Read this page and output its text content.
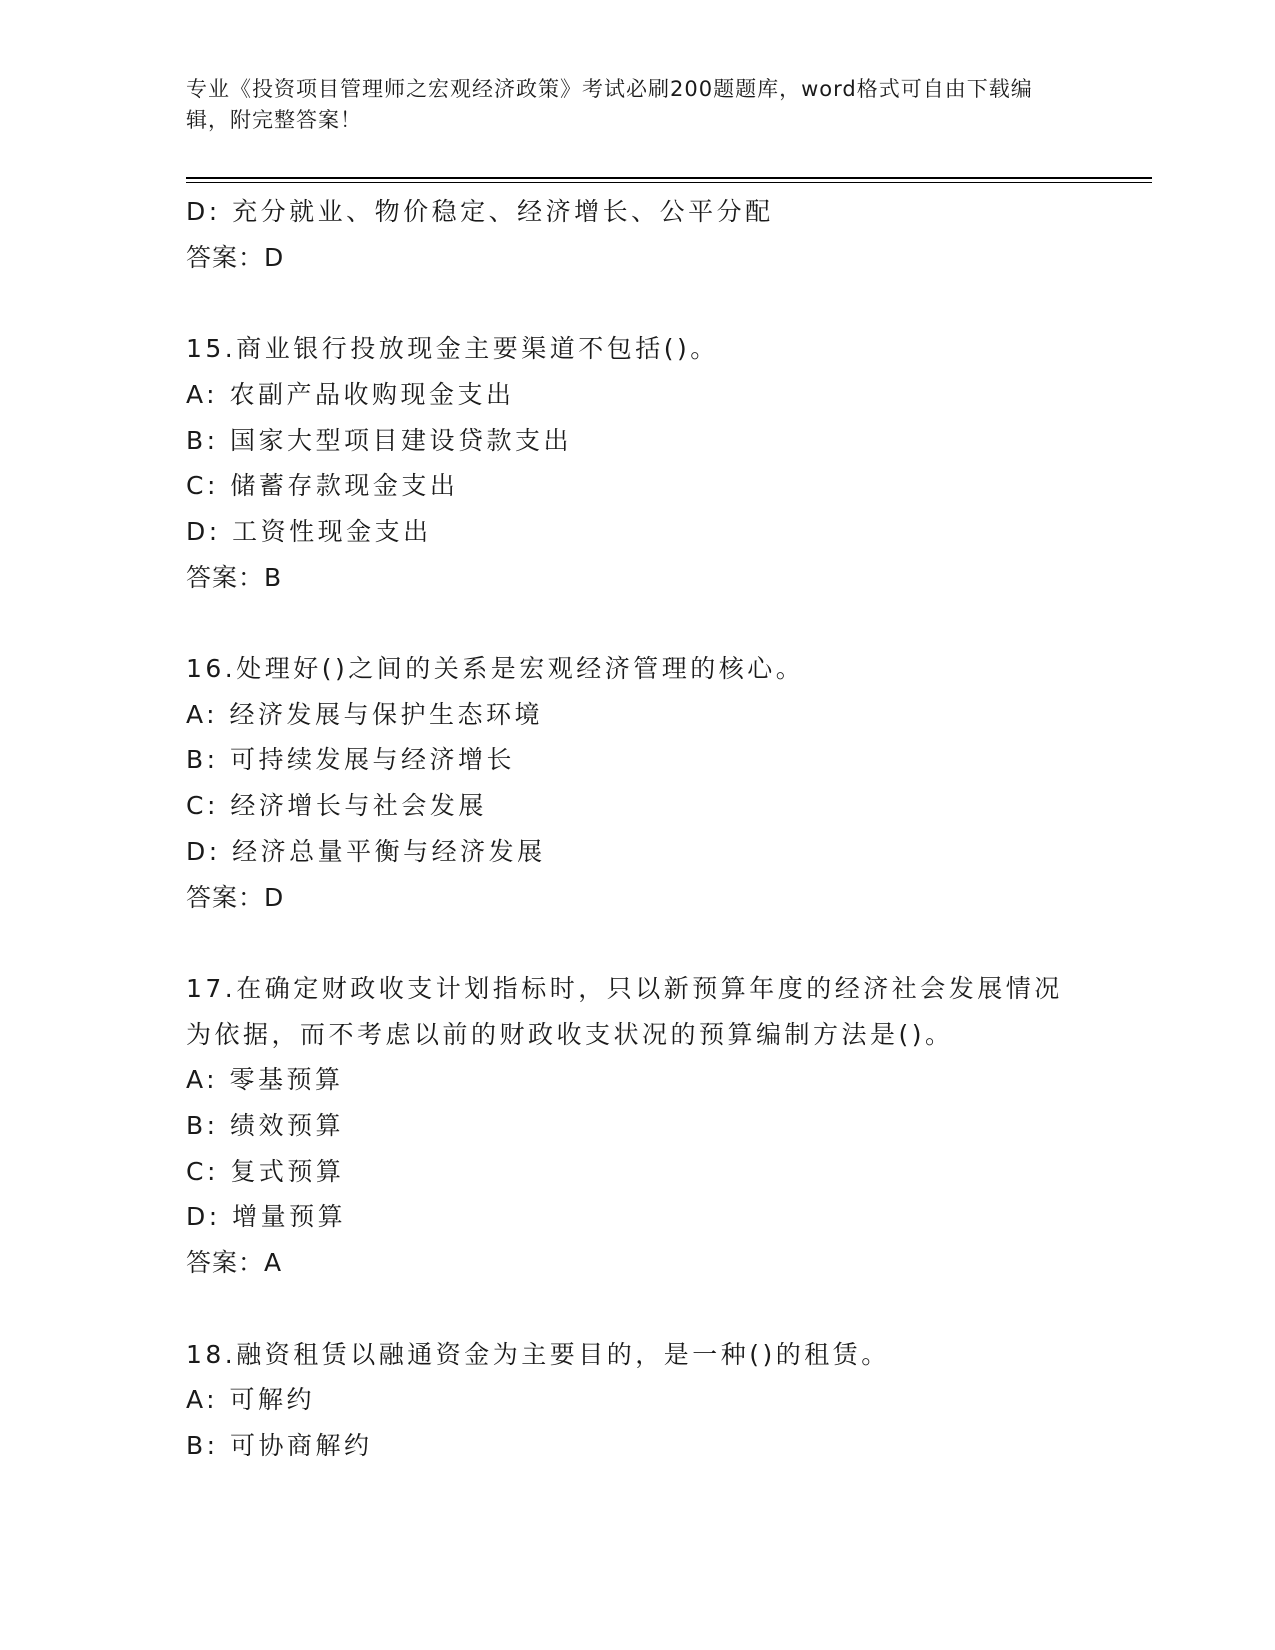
专业《投资项目管理师之宏观经济政策》考试必刷200题题库，word格式可自由下载编辑，附完整答案！
D: 充分就业、物价稳定、经济增长、公平分配
答案：D
15.商业银行投放现金主要渠道不包括()。
A: 农副产品收购现金支出
B: 国家大型项目建设贷款支出
C: 储蓄存款现金支出
D: 工资性现金支出
答案：B
16.处理好()之间的关系是宏观经济管理的核心。
A: 经济发展与保护生态环境
B: 可持续发展与经济增长
C: 经济增长与社会发展
D: 经济总量平衡与经济发展
答案：D
17.在确定财政收支计划指标时，只以新预算年度的经济社会发展情况为依据，而不考虑以前的财政收支状况的预算编制方法是()。
A: 零基预算
B: 绩效预算
C: 复式预算
D: 增量预算
答案：A
18.融资租赁以融通资金为主要目的，是一种()的租赁。
A: 可解约
B: 可协商解约
